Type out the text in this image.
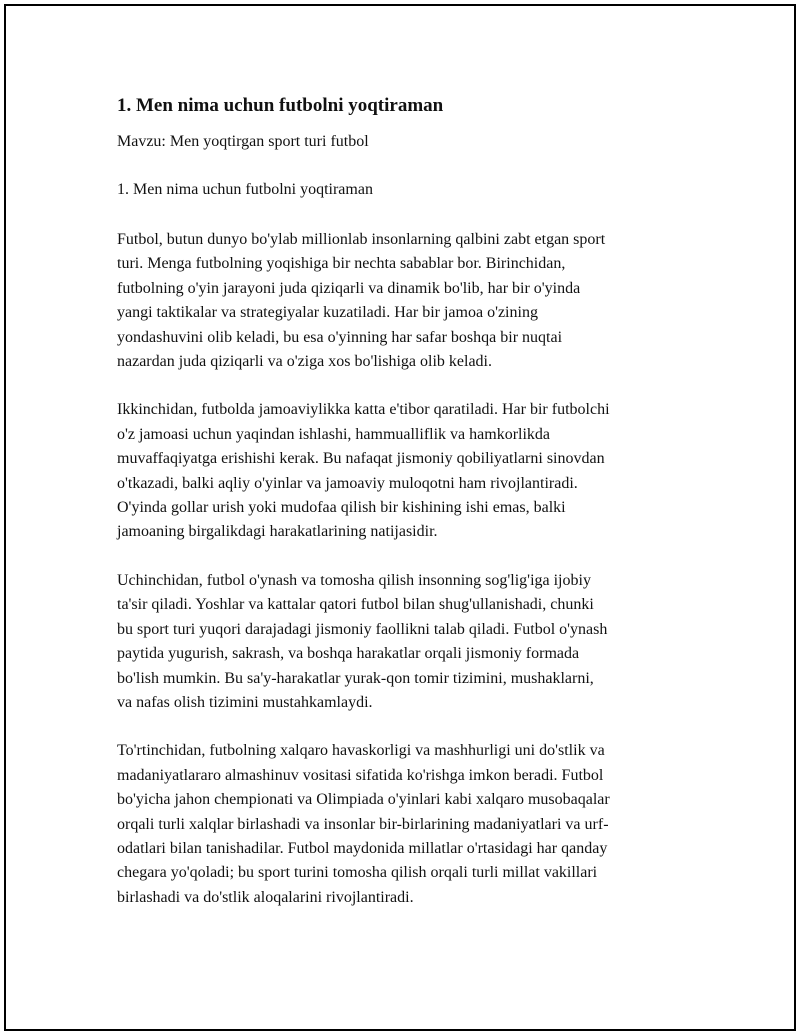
1. Men nima uchun futbolni yoqtiraman

Mavzu: Men yoqtirgan sport turi futbol

1. Men nima uchun futbolni yoqtiraman

Futbol, butun dunyo bo'ylab millionlab insonlarning qalbini zabt etgan sport

turi. Menga futbolning yoqishiga bir nechta sabablar bor. Birinchidan,

futbolning o'yin jarayoni juda qiziqarli va dinamik bo'lib, har bir o'yinda

yangi taktikalar va strategiyalar kuzatiladi. Har bir jamoa o'zining

yondashuvini olib keladi, bu esa o'yinning har safar boshqa bir nuqtai

nazardan juda qiziqarli va o'ziga xos bo'lishiga olib keladi.

Ikkinchidan, futbolda jamoaviylikka katta e'tibor qaratiladi. Har bir futbolchi

o'z jamoasi uchun yaqindan ishlashi, hammualliflik va hamkorlikda

muvaffaqiyatga erishishi kerak. Bu nafaqat jismoniy qobiliyatlarni sinovdan

o'tkazadi, balki aqliy o'yinlar va jamoaviy muloqotni ham rivojlantiradi.

O'yinda gollar urish yoki mudofaa qilish bir kishining ishi emas, balki

jamoaning birgalikdagi harakatlarining natijasidir.

Uchinchidan, futbol o'ynash va tomosha qilish insonning sog'lig'iga ijobiy

ta'sir qiladi. Yoshlar va kattalar qatori futbol bilan shug'ullanishadi, chunki

bu sport turi yuqori darajadagi jismoniy faollikni talab qiladi. Futbol o'ynash

paytida yugurish, sakrash, va boshqa harakatlar orqali jismoniy formada

bo'lish mumkin. Bu sa'y-harakatlar yurak-qon tomir tizimini, mushaklarni,

va nafas olish tizimini mustahkamlaydi.

To'rtinchidan, futbolning xalqaro havaskorligi va mashhurligi uni do'stlik va

madaniyatlararo almashinuv vositasi sifatida ko'rishga imkon beradi. Futbol

bo'yicha jahon chempionati va Olimpiada o'yinlari kabi xalqaro musobaqalar

orqali turli xalqlar birlashadi va insonlar bir-birlarining madaniyatlari va urf-

odatlari bilan tanishadilar. Futbol maydonida millatlar o'rtasidagi har qanday

chegara yo'qoladi; bu sport turini tomosha qilish orqali turli millat vakillari

birlashadi va do'stlik aloqalarini rivojlantiradi.
